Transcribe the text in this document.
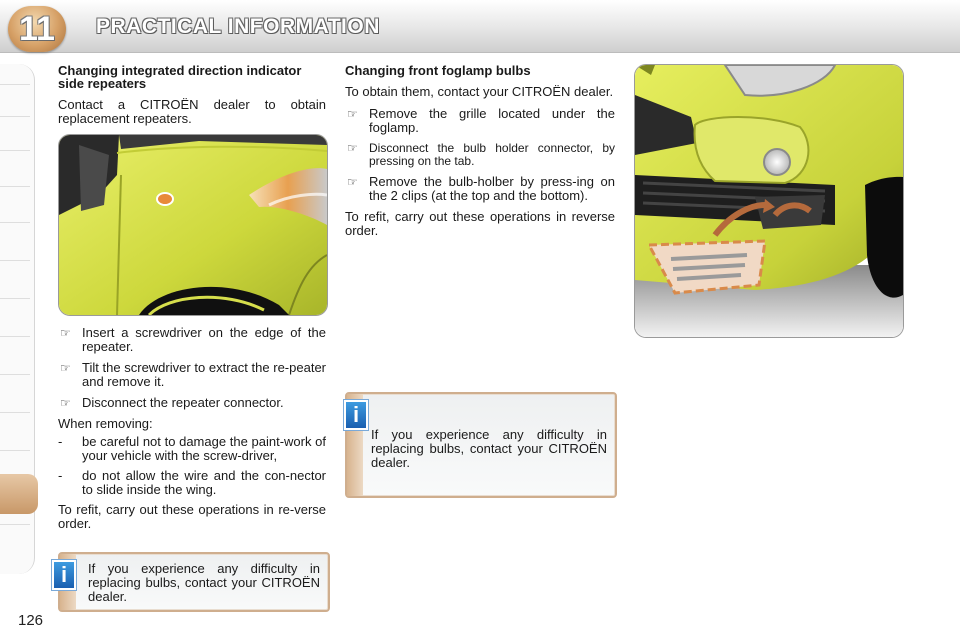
11	PRACTICAL INFORMATION
126
Changing integrated direction indicator side repeaters
Contact a CITROËN dealer to obtain replacement repeaters.
☞ Insert a screwdriver on the edge of the repeater.
☞ Tilt the screwdriver to extract the re-peater and remove it.
☞ Disconnect the repeater connector.
When removing:
- be careful not to damage the paint-work of your vehicle with the screw-driver,
- do not allow the wire and the con-nector to slide inside the wing.
To refit, carry out these operations in re-verse order.
If you experience any difficulty in replacing bulbs, contact your CITROËN dealer.
i
Changing front foglamp bulbs
To obtain them, contact your CITROËN dealer.
☞ Remove the grille located under the foglamp.
☞ Disconnect the bulb holder connector, by pressing on the tab.
☞ Remove the bulb-holber by press-ing on the 2 clips (at the top and the bottom).
To refit, carry out these operations in reverse order.
If you experience any difficulty in replacing bulbs, contact your CITROËN dealer.
i
